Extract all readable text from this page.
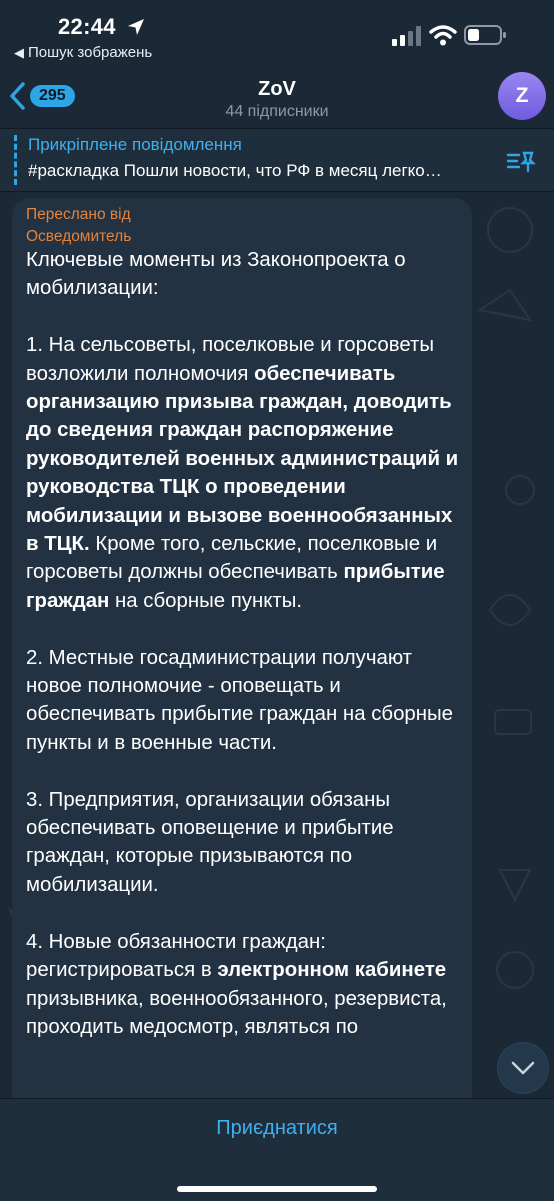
22:44
◀ Пошук зображень
295	ZoV
44 підписники
Z
Прикріплене повідомлення
#раскладка Пошли новости, что РФ в месяц легко…
Переслано від
Осведомитель

Ключевые моменты из Законопроекта о мобилизации:

1. На сельсоветы, поселковые и горсоветы возложили полномочия обеспечивать организацию призыва граждан, доводить до сведения граждан распоряжение руководителей военных администраций и руководства ТЦК о проведении мобилизации и вызове военнообязанных в ТЦК. Кроме того, сельские, поселковые и горсоветы должны обеспечивать прибытие граждан на сборные пункты.

2. Местные госадминистрации получают новое полномочие - оповещать и обеспечивать прибытие граждан на сборные пункты и в военные части.

3. Предприятия, организации обязаны обеспечивать оповещение и прибытие граждан, которые призываются по мобилизации.

4. Новые обязанности граждан: регистрироваться в электронном кабинете призывника, военнообязанного, резервиста, проходить медосмотр, являться по

Приєднатися
